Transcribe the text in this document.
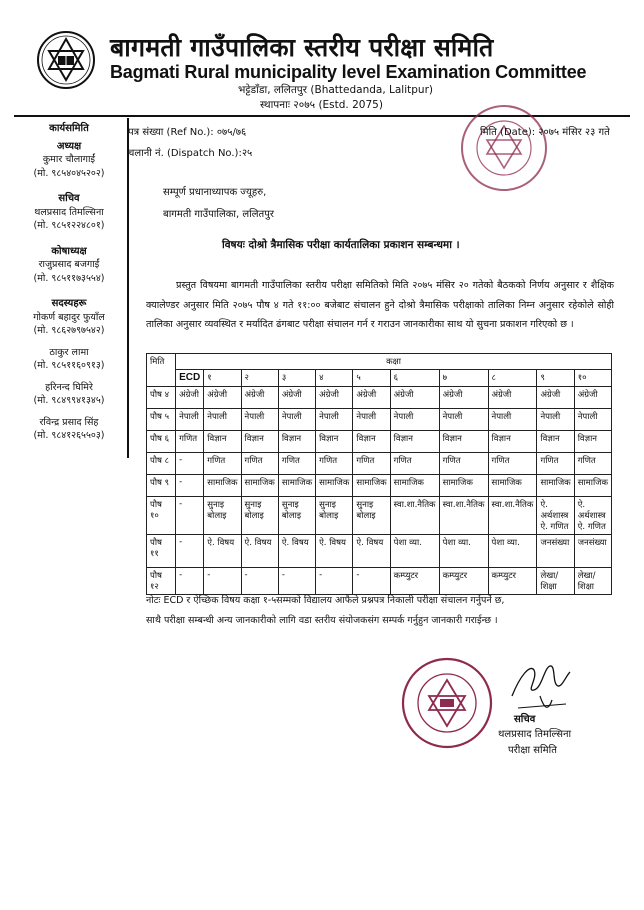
बागमती गाउँपालिका स्तरीय परीक्षा समिति
Bagmati Rural municipality level Examination Committee
भट्टेडाँडा, ललितपुर (Bhattedanda, Lalitpur)
स्थापनाः २०७५ (Estd. 2075)
कार्यसमिति
अध्यक्ष
कुमार चौलागाईं
(मो. ९८५४०४५२०२)
सचिव
थलप्रसाद तिमल्सिना
(मो. ९८५१२२४८०१)
कोषाध्यक्ष
राजुप्रसाद बजगाईं
(मो. ९८५११७३५५४)
सदस्यहरू
गोकर्ण बहादुर फुयाँल
(मो. ९८६२७९७५४२)
ठाकुर लामा
(मो. ९८५११६०९१३)
हरिनन्द घिमिरे
(मो. ९८४९९४१३४५)
रविन्द्र प्रसाद सिंह
(मो. ९८४१२६५५०३)
पत्र संख्या (Ref No.): ०७५/७६
चलानी नं. (Dispatch No.):२५
मिति (Date): २०७५ मंसिर २३ गते
सम्पूर्ण प्रधानाध्यापक ज्यूहरु,
बागमती गाउँपालिका, ललितपुर
विषयः दोश्रो त्रैमासिक परीक्षा कार्यतालिका प्रकाशन सम्बन्धमा ।
प्रस्तुत विषयमा बागमती गाउँपालिका स्तरीय परीक्षा समितिको मिति २०७५ मंसिर २० गतेको बैठकको निर्णय अनुसार र शैक्षिक क्यालेण्डर अनुसार मिति २०७५ पौष ४ गते ११:०० बजेबाट संचालन हुने दोश्रो त्रैमासिक परीक्षाको तालिका निम्न अनुसार रहेकोले सोही तालिका अनुसार व्यवस्थित र मर्यादित ढंगबाट परीक्षा संचालन गर्न र गराउन जानकारीका साथ यो सुचना प्रकाशन गरिएको छ ।
मिति	कक्षा										
	ECD	१	२	३	४	५	६	७	८	९	१०
पौष ४	अंग्रेजी	अंग्रेजी	अंग्रेजी	अंग्रेजी	अंग्रेजी	अंग्रेजी	अंग्रेजी	अंग्रेजी	अंग्रेजी	अंग्रेजी	अंग्रेजी
पौष ५	नेपाली	नेपाली	नेपाली	नेपाली	नेपाली	नेपाली	नेपाली	नेपाली	नेपाली	नेपाली	नेपाली
पौष ६	गणित	विज्ञान	विज्ञान	विज्ञान	विज्ञान	विज्ञान	विज्ञान	विज्ञान	विज्ञान	विज्ञान	विज्ञान
पौष ८	-	गणित	गणित	गणित	गणित	गणित	गणित	गणित	गणित	गणित	गणित
पौष ९	-	सामाजिक	सामाजिक	सामाजिक	सामाजिक	सामाजिक	सामाजिक	सामाजिक	सामाजिक	सामाजिक	सामाजिक
पौष १०	-	सुनाइ बोलाइ	सुनाइ बोलाइ	सुनाइ बोलाइ	सुनाइ बोलाइ	सुनाइ बोलाइ	स्वा.शा.नैतिक	स्वा.शा.नैतिक	स्वा.शा.नैतिक	ऐ. अर्थशास्त्र ऐ. गणित	ऐ. अर्थशास्त्र ऐ. गणित
पौष ११	-	ऐ. विषय	ऐ. विषय	ऐ. विषय	ऐ. विषय	ऐ. विषय	पेशा व्या.	पेशा व्या.	पेशा व्या.	जनसंख्या	जनसंख्या
पौष १२	-	-	-	-	-	-	कम्प्युटर	कम्प्युटर	कम्प्युटर	लेखा/शिक्षा	लेखा/शिक्षा
नोटः ECD र ऐच्छिक विषय कक्षा १-५सम्मको विद्यालय आफैले प्रश्नपत्र निकाली परीक्षा संचालन गर्नुपर्ने छ,
साथै परीक्षा सम्बन्धी अन्य जानकारीको लागि वडा स्तरीय संयोजकसंग सम्पर्क गर्नुहुन जानकारी गराईन्छ ।
सचिव
थलप्रसाद तिमल्सिना
परीक्षा समिति
